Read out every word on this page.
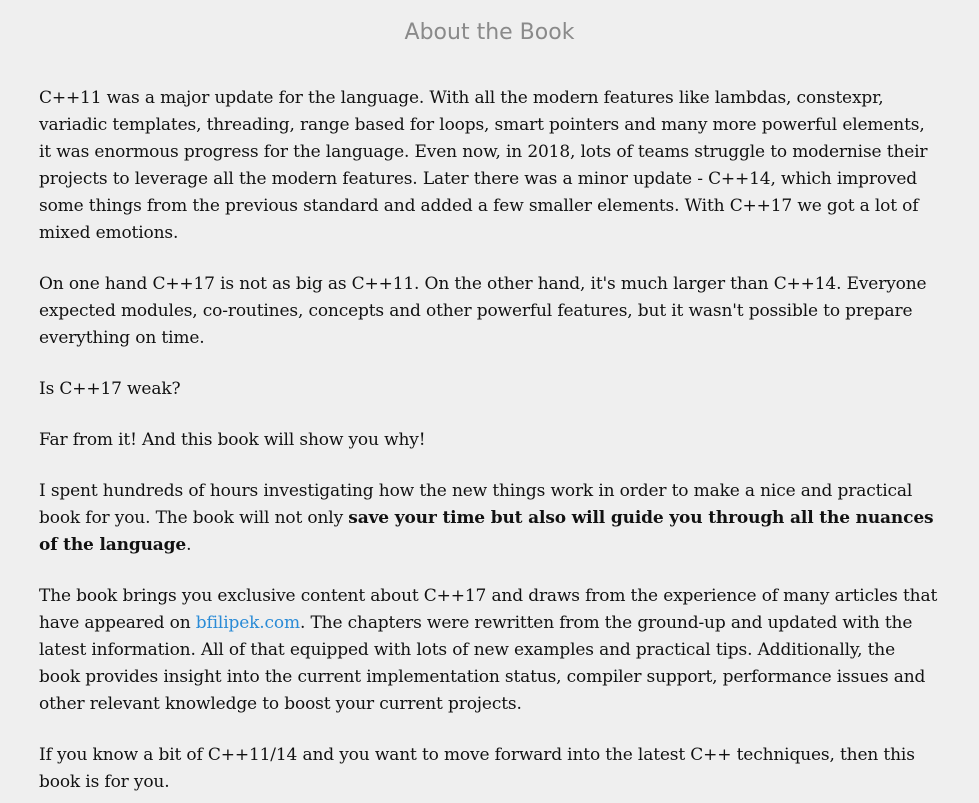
About the Book

C++11 was a major update for the language. With all the modern features like lambdas, constexpr, variadic templates, threading, range based for loops, smart pointers and many more powerful elements, it was enormous progress for the language. Even now, in 2018, lots of teams struggle to modernise their projects to leverage all the modern features. Later there was a minor update - C++14, which improved some things from the previous standard and added a few smaller elements. With C++17 we got a lot of mixed emotions.

On one hand C++17 is not as big as C++11. On the other hand, it's much larger than C++14. Everyone expected modules, co-routines, concepts and other powerful features, but it wasn't possible to prepare everything on time.

Is C++17 weak?

Far from it! And this book will show you why!

I spent hundreds of hours investigating how the new things work in order to make a nice and practical book for you. The book will not only save your time but also will guide you through all the nuances of the language.

The book brings you exclusive content about C++17 and draws from the experience of many articles that have appeared on bfilipek.com. The chapters were rewritten from the ground-up and updated with the latest information. All of that equipped with lots of new examples and practical tips. Additionally, the book provides insight into the current implementation status, compiler support, performance issues and other relevant knowledge to boost your current projects.

If you know a bit of C++11/14 and you want to move forward into the latest C++ techniques, then this book is for you.
